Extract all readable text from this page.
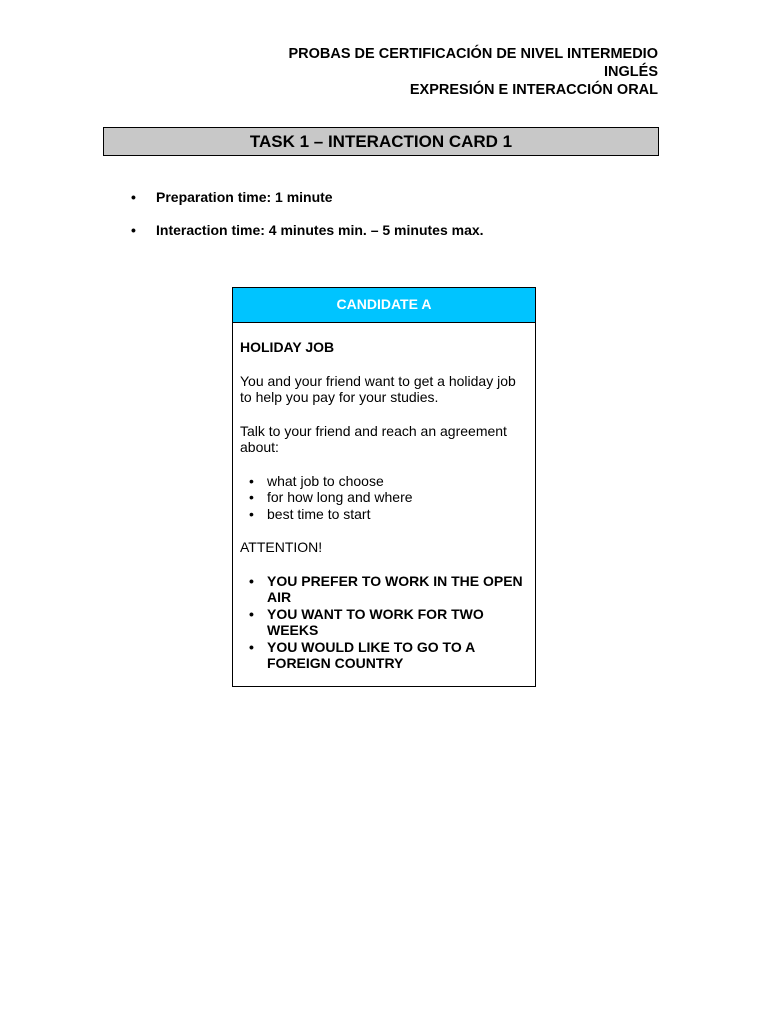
PROBAS DE CERTIFICACIÓN DE NIVEL INTERMEDIO
INGLÉS
EXPRESIÓN E INTERACCIÓN ORAL
TASK 1 – INTERACTION CARD 1
• Preparation time: 1 minute
• Interaction time: 4 minutes min. – 5 minutes max.
CANDIDATE A

HOLIDAY JOB

You and your friend want to get a holiday job to help you pay for your studies.

Talk to your friend and reach an agreement about:

• what job to choose
• for how long and where
• best time to start

ATTENTION!

• YOU PREFER TO WORK IN THE OPEN AIR
• YOU WANT TO WORK FOR TWO WEEKS
• YOU WOULD LIKE TO GO TO A FOREIGN COUNTRY
